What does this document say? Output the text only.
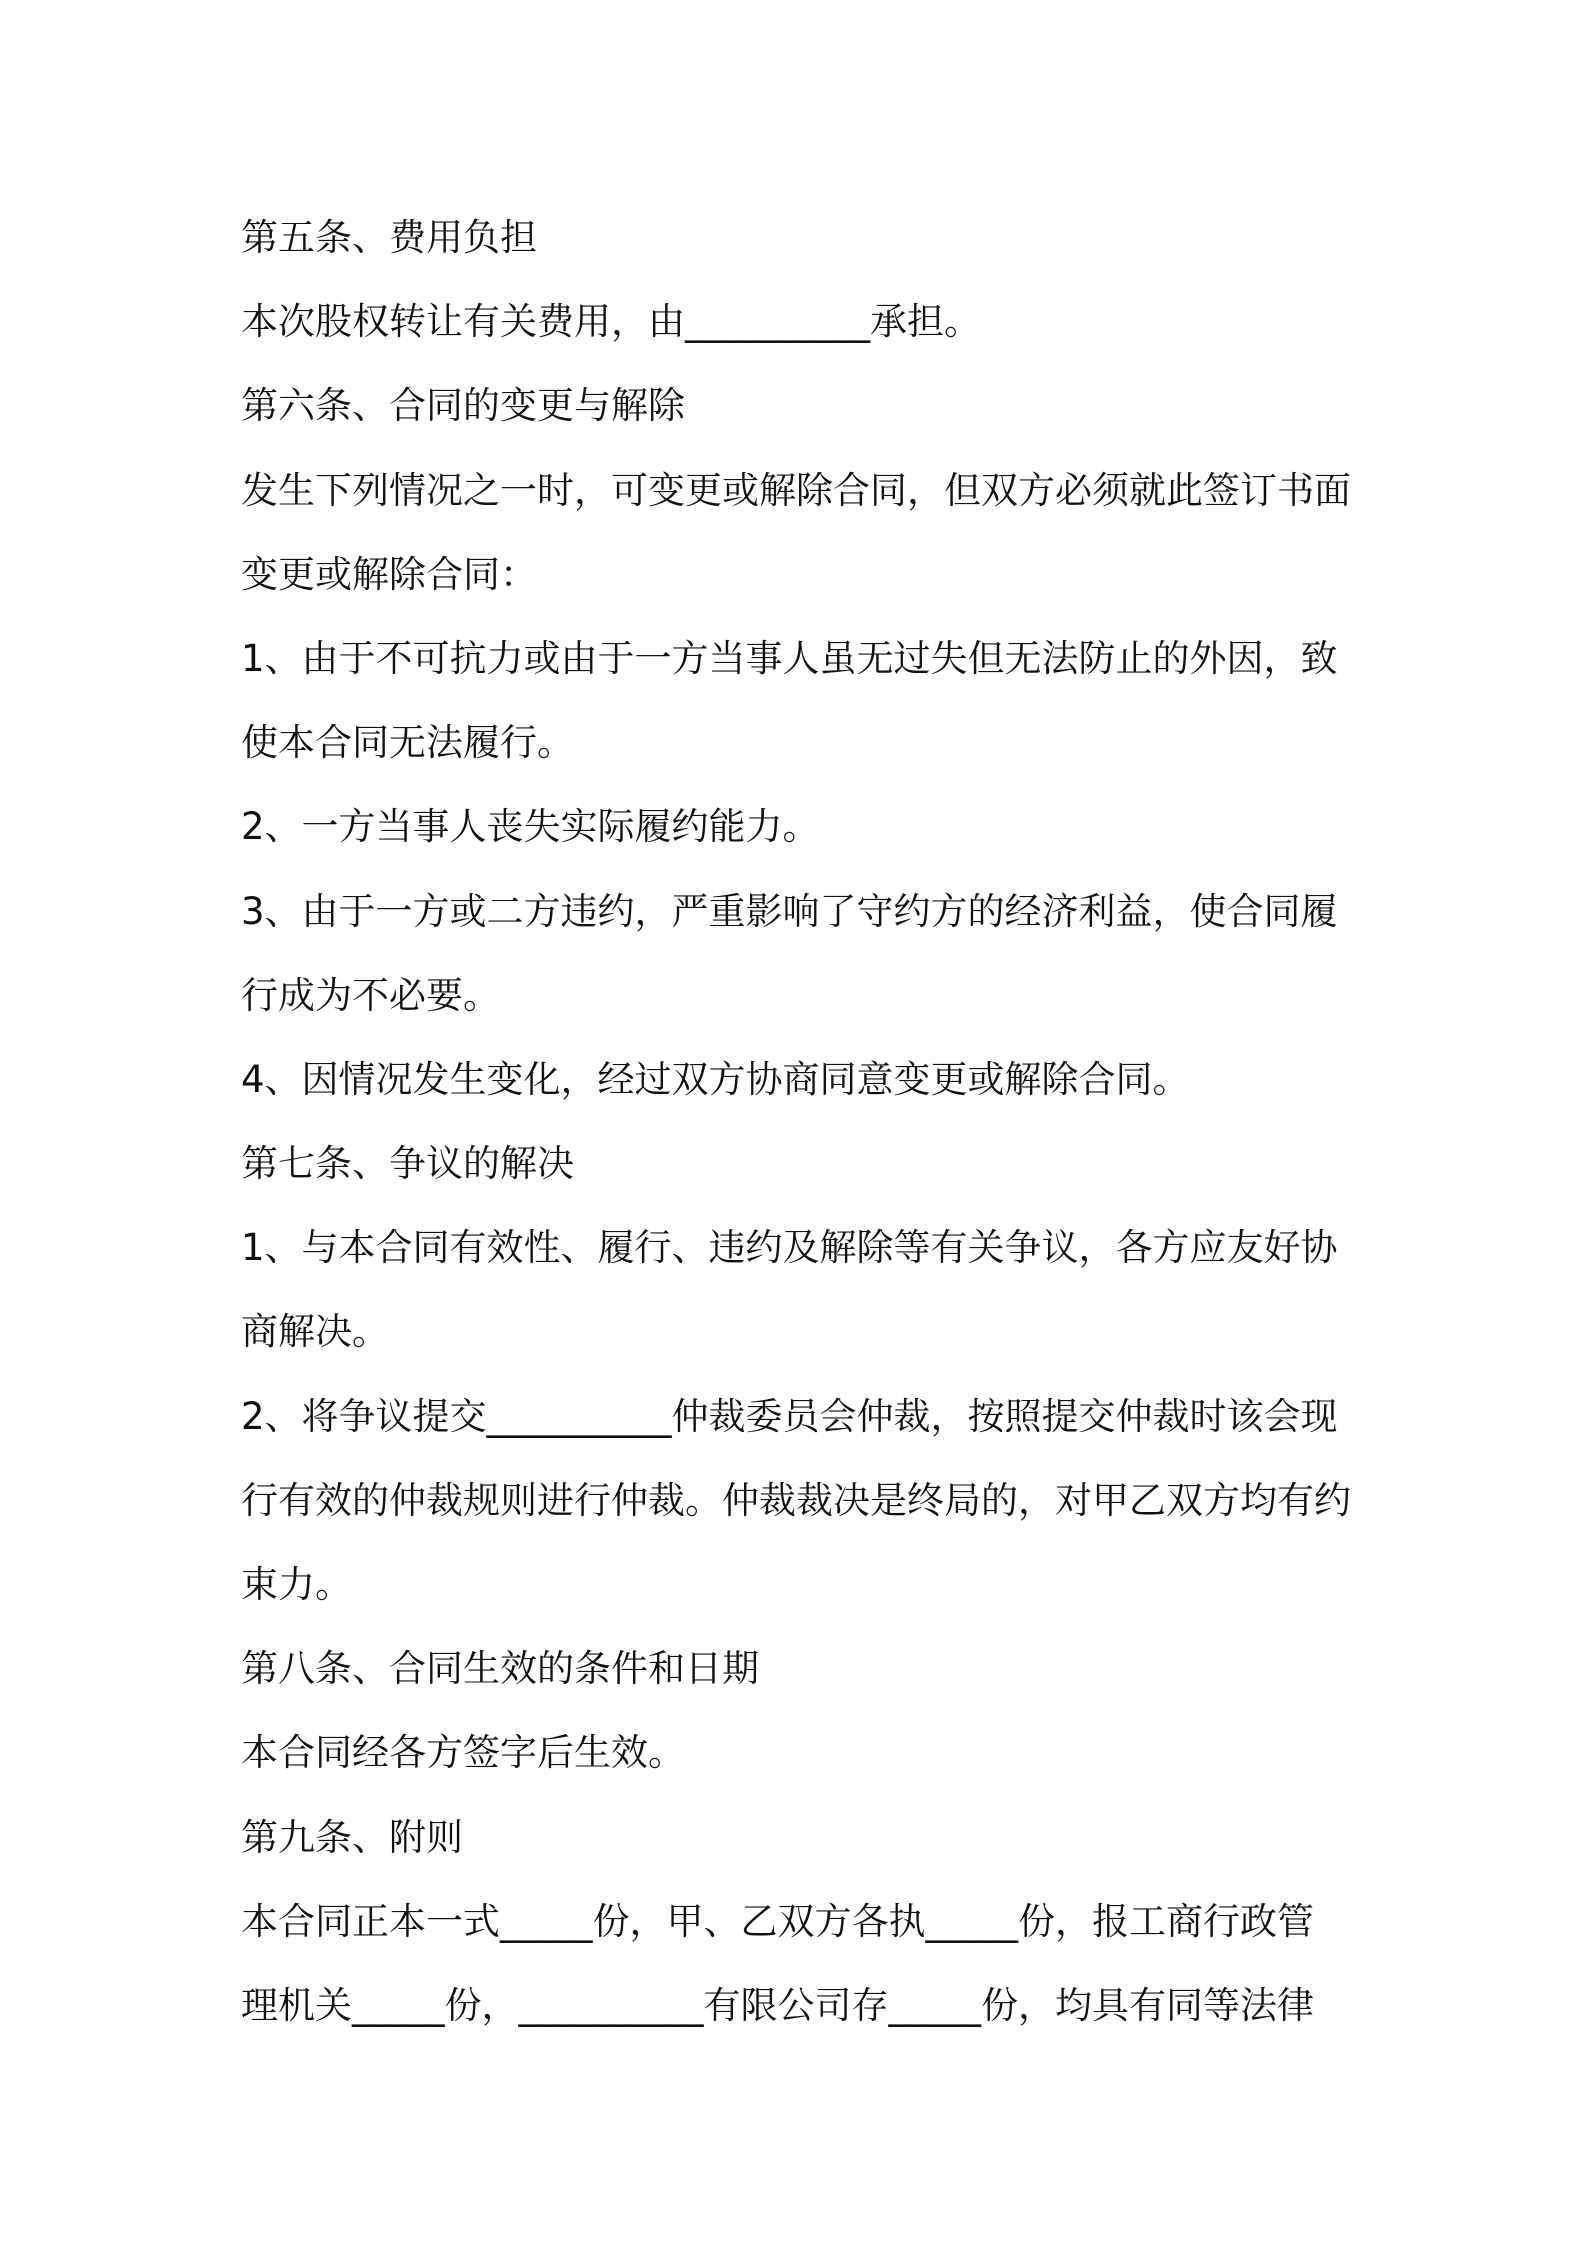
第五条、费用负担
本次股权转让有关费用，由__________承担。
第六条、合同的变更与解除
发生下列情况之一时，可变更或解除合同，但双方必须就此签订书面
变更或解除合同：
1、由于不可抗力或由于一方当事人虽无过失但无法防止的外因，致
使本合同无法履行。
2、一方当事人丧失实际履约能力。
3、由于一方或二方违约，严重影响了守约方的经济利益，使合同履
行成为不必要。
4、因情况发生变化，经过双方协商同意变更或解除合同。
第七条、争议的解决
1、与本合同有效性、履行、违约及解除等有关争议，各方应友好协
商解决。
2、将争议提交__________仲裁委员会仲裁，按照提交仲裁时该会现
行有效的仲裁规则进行仲裁。仲裁裁决是终局的，对甲乙双方均有约
束力。
第八条、合同生效的条件和日期
本合同经各方签字后生效。
第九条、附则
本合同正本一式_____份，甲、乙双方各执_____份，报工商行政管
理机关_____份，__________有限公司存_____份，均具有同等法律
